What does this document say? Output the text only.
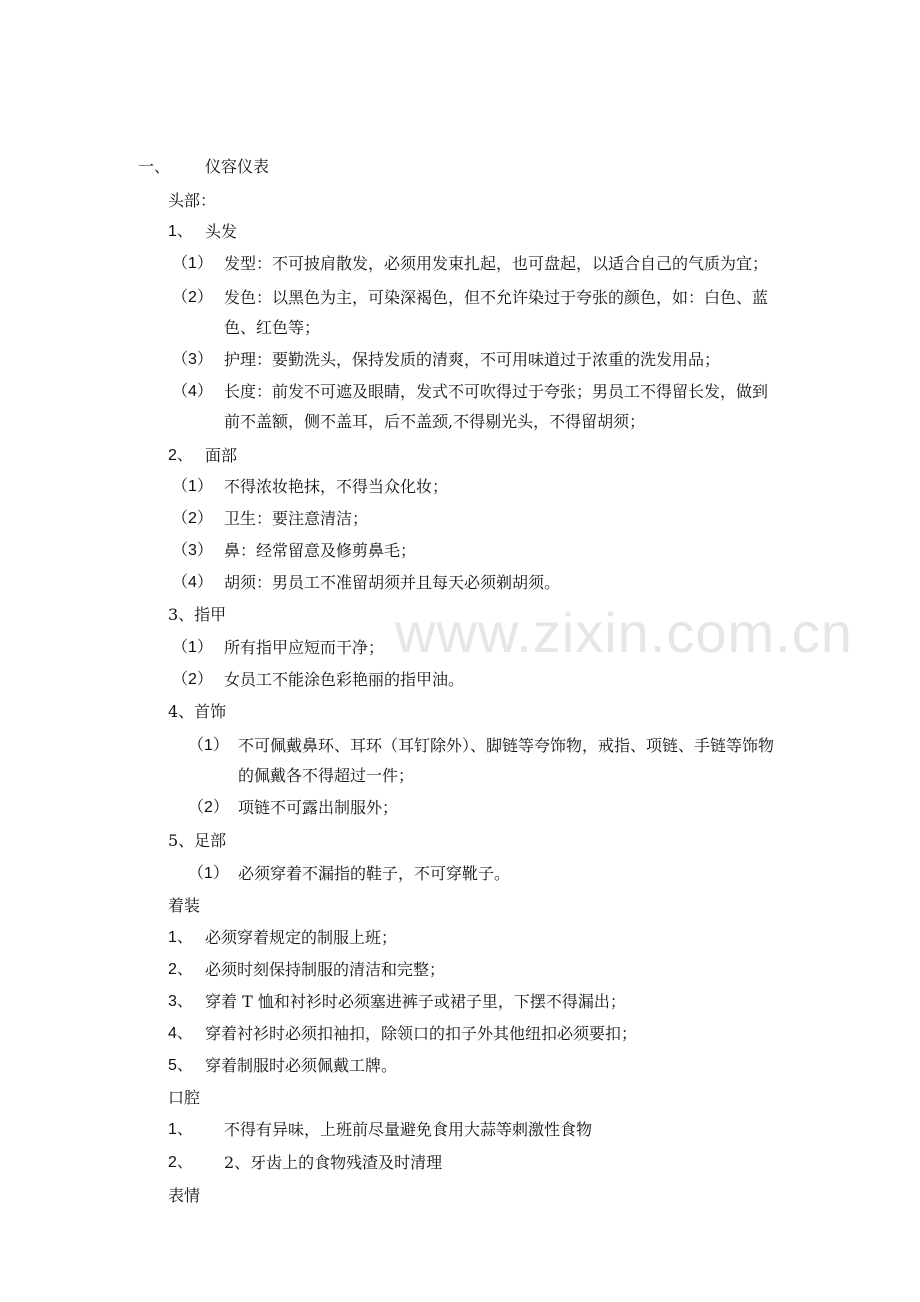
www.zixin.com.cn
一、 仪容仪表
头部：
1、 头发
（1） 发型：不可披肩散发，必须用发束扎起，也可盘起，以适合自己的气质为宜；
（2） 发色：以黑色为主，可染深褐色，但不允许染过于夸张的颜色，如：白色、蓝
色、红色等；
（3） 护理：要勤洗头，保持发质的清爽，不可用味道过于浓重的洗发用品；
（4） 长度：前发不可遮及眼睛，发式不可吹得过于夸张；男员工不得留长发，做到
前不盖额，侧不盖耳，后不盖颈,不得剔光头，不得留胡须；
2、 面部
（1） 不得浓妆艳抹，不得当众化妆；
（2） 卫生：要注意清洁；
（3） 鼻：经常留意及修剪鼻毛；
（4） 胡须：男员工不准留胡须并且每天必须剃胡须。
3、指甲
（1） 所有指甲应短而干净；
（2） 女员工不能涂色彩艳丽的指甲油。
4、首饰
（1） 不可佩戴鼻环、耳环（耳钉除外）、脚链等夸饰物，戒指、项链、手链等饰物
的佩戴各不得超过一件；
（2） 项链不可露出制服外；
5、足部
（1） 必须穿着不漏指的鞋子，不可穿靴子。
着装
1、 必须穿着规定的制服上班；
2、 必须时刻保持制服的清洁和完整；
3、 穿着 T 恤和衬衫时必须塞进裤子或裙子里，下摆不得漏出；
4、 穿着衬衫时必须扣袖扣，除领口的扣子外其他纽扣必须要扣；
5、 穿着制服时必须佩戴工牌。
口腔
1、 不得有异味，上班前尽量避免食用大蒜等刺激性食物
2、 2、牙齿上的食物残渣及时清理
表情
